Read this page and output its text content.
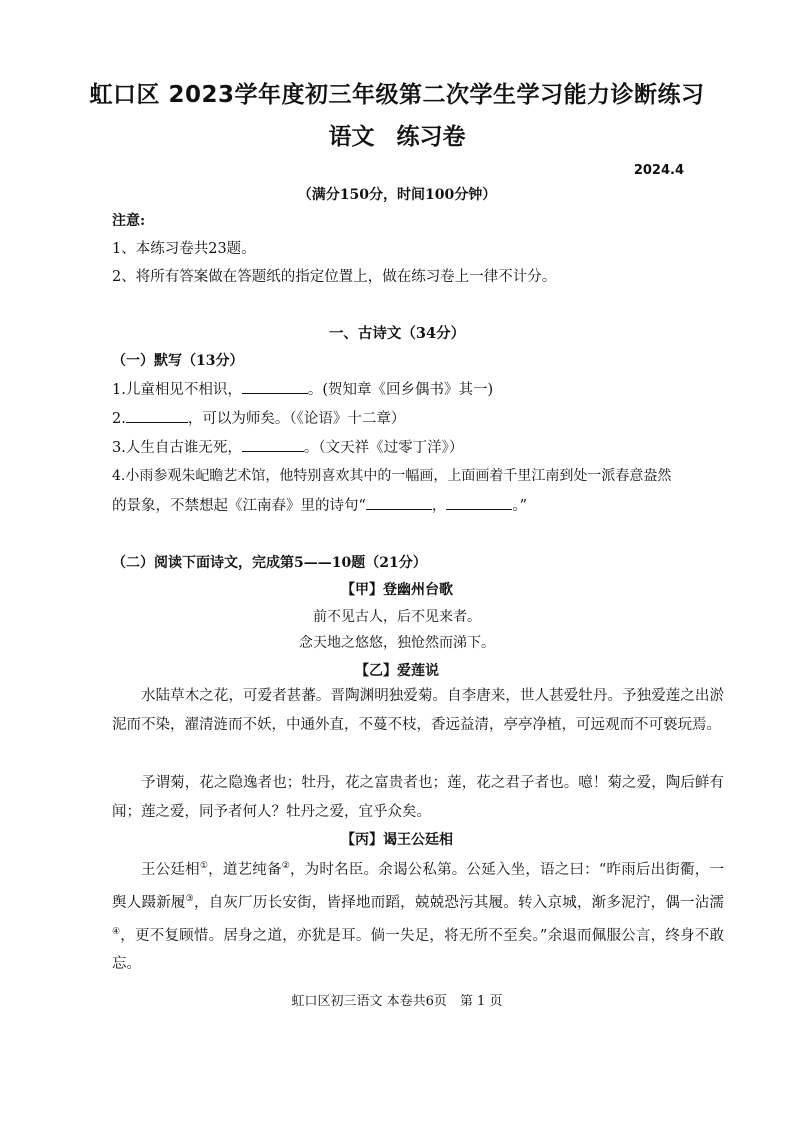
虹口区 2023学年度初三年级第二次学生学习能力诊断练习
语文 练习卷
2024.4
（满分150分，时间100分钟）
注意:
1、本练习卷共23题。
2、将所有答案做在答题纸的指定位置上，做在练习卷上一律不计分。
一、古诗文（34分）
（一）默写（13分）
1.儿童相见不相识，	。(贺知章《回乡偶书》其一)
2.	，可以为师矣。（《论语》十二章）
3.人生自古谁无死，	。（文天祥《过零丁洋》）
4.小雨参观朱屺瞻艺术馆，他特别喜欢其中的一幅画，上面画着千里江南到处一派春意盎然
的景象，不禁想起《江南春》里的诗句“	，	。”
（二）阅读下面诗文，完成第5——10题（21分）
【甲】登幽州台歌
前不见古人，后不见来者。
念天地之悠悠，独怆然而涕下。
【乙】爱莲说
水陆草木之花，可爱者甚蕃。晋陶渊明独爱菊。自李唐来，世人甚爱牡丹。予独爱莲之出淤泥而不染，濯清涟而不妖，中通外直，不蔓不枝，香远益清，亭亭净植，可远观而不可亵玩焉。
予谓菊，花之隐逸者也；牡丹，花之富贵者也；莲，花之君子者也。噫！菊之爱，陶后鲜有闻；莲之爱，同予者何人？牡丹之爱，宜乎众矣。
【丙】谒王公廷相
王公廷相①，道艺纯备②，为时名臣。余谒公私第。公延入坐，语之曰：“昨雨后出街衢，一舆人蹑新履③，自灰厂历长安街，皆择地而蹈，兢兢恐污其履。转入京城，渐多泥泞，偶一沾濡④，更不复顾惜。居身之道，亦犹是耳。倘一失足，将无所不至矣。”余退而佩服公言，终身不敢忘。
虹口区初三语文 本卷共6页　第 1 页
